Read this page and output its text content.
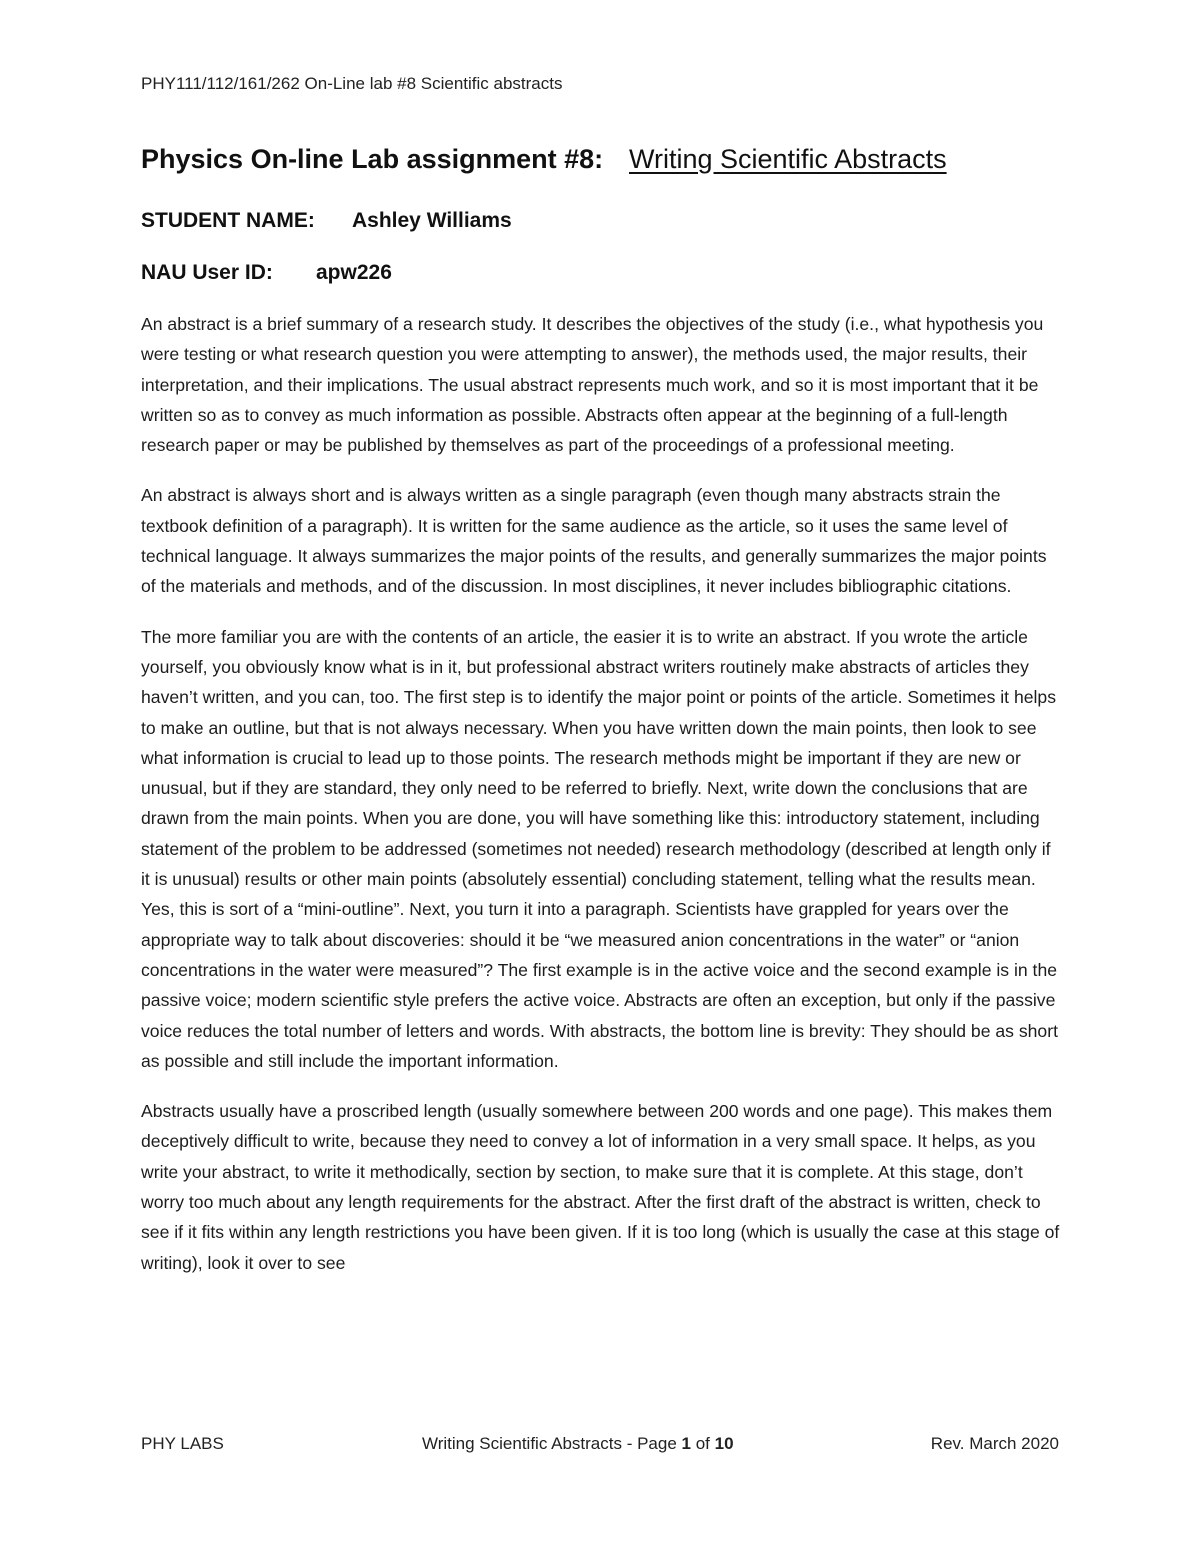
PHY111/112/161/262 On-Line lab #8 Scientific abstracts
Physics On-line Lab assignment #8: Writing Scientific Abstracts
STUDENT NAME: Ashley Williams
NAU User ID: apw226

An abstract is a brief summary of a research study. It describes the objectives of the study (i.e., what hypothesis you were testing or what research question you were attempting to answer), the methods used, the major results, their interpretation, and their implications. The usual abstract represents much work, and so it is most important that it be written so as to convey as much information as possible. Abstracts often appear at the beginning of a full-length research paper or may be published by themselves as part of the proceedings of a professional meeting.

An abstract is always short and is always written as a single paragraph (even though many abstracts strain the textbook definition of a paragraph). It is written for the same audience as the article, so it uses the same level of technical language. It always summarizes the major points of the results, and generally summarizes the major points of the materials and methods, and of the discussion. In most disciplines, it never includes bibliographic citations.

The more familiar you are with the contents of an article, the easier it is to write an abstract. If you wrote the article yourself, you obviously know what is in it, but professional abstract writers routinely make abstracts of articles they haven’t written, and you can, too. The first step is to identify the major point or points of the article. Sometimes it helps to make an outline, but that is not always necessary. When you have written down the main points, then look to see what information is crucial to lead up to those points. The research methods might be important if they are new or unusual, but if they are standard, they only need to be referred to briefly. Next, write down the conclusions that are drawn from the main points. When you are done, you will have something like this: introductory statement, including statement of the problem to be addressed (sometimes not needed) research methodology (described at length only if it is unusual) results or other main points (absolutely essential) concluding statement, telling what the results mean. Yes, this is sort of a “mini-outline”. Next, you turn it into a paragraph. Scientists have grappled for years over the appropriate way to talk about discoveries: should it be “we measured anion concentrations in the water” or “anion concentrations in the water were measured”? The first example is in the active voice and the second example is in the passive voice; modern scientific style prefers the active voice. Abstracts are often an exception, but only if the passive voice reduces the total number of letters and words. With abstracts, the bottom line is brevity: They should be as short as possible and still include the important information.

Abstracts usually have a proscribed length (usually somewhere between 200 words and one page). This makes them deceptively difficult to write, because they need to convey a lot of information in a very small space. It helps, as you write your abstract, to write it methodically, section by section, to make sure that it is complete. At this stage, don’t worry too much about any length requirements for the abstract. After the first draft of the abstract is written, check to see if it fits within any length restrictions you have been given. If it is too long (which is usually the case at this stage of writing), look it over to see

PHY LABS	Writing Scientific Abstracts - Page 1 of 10	Rev. March 2020
